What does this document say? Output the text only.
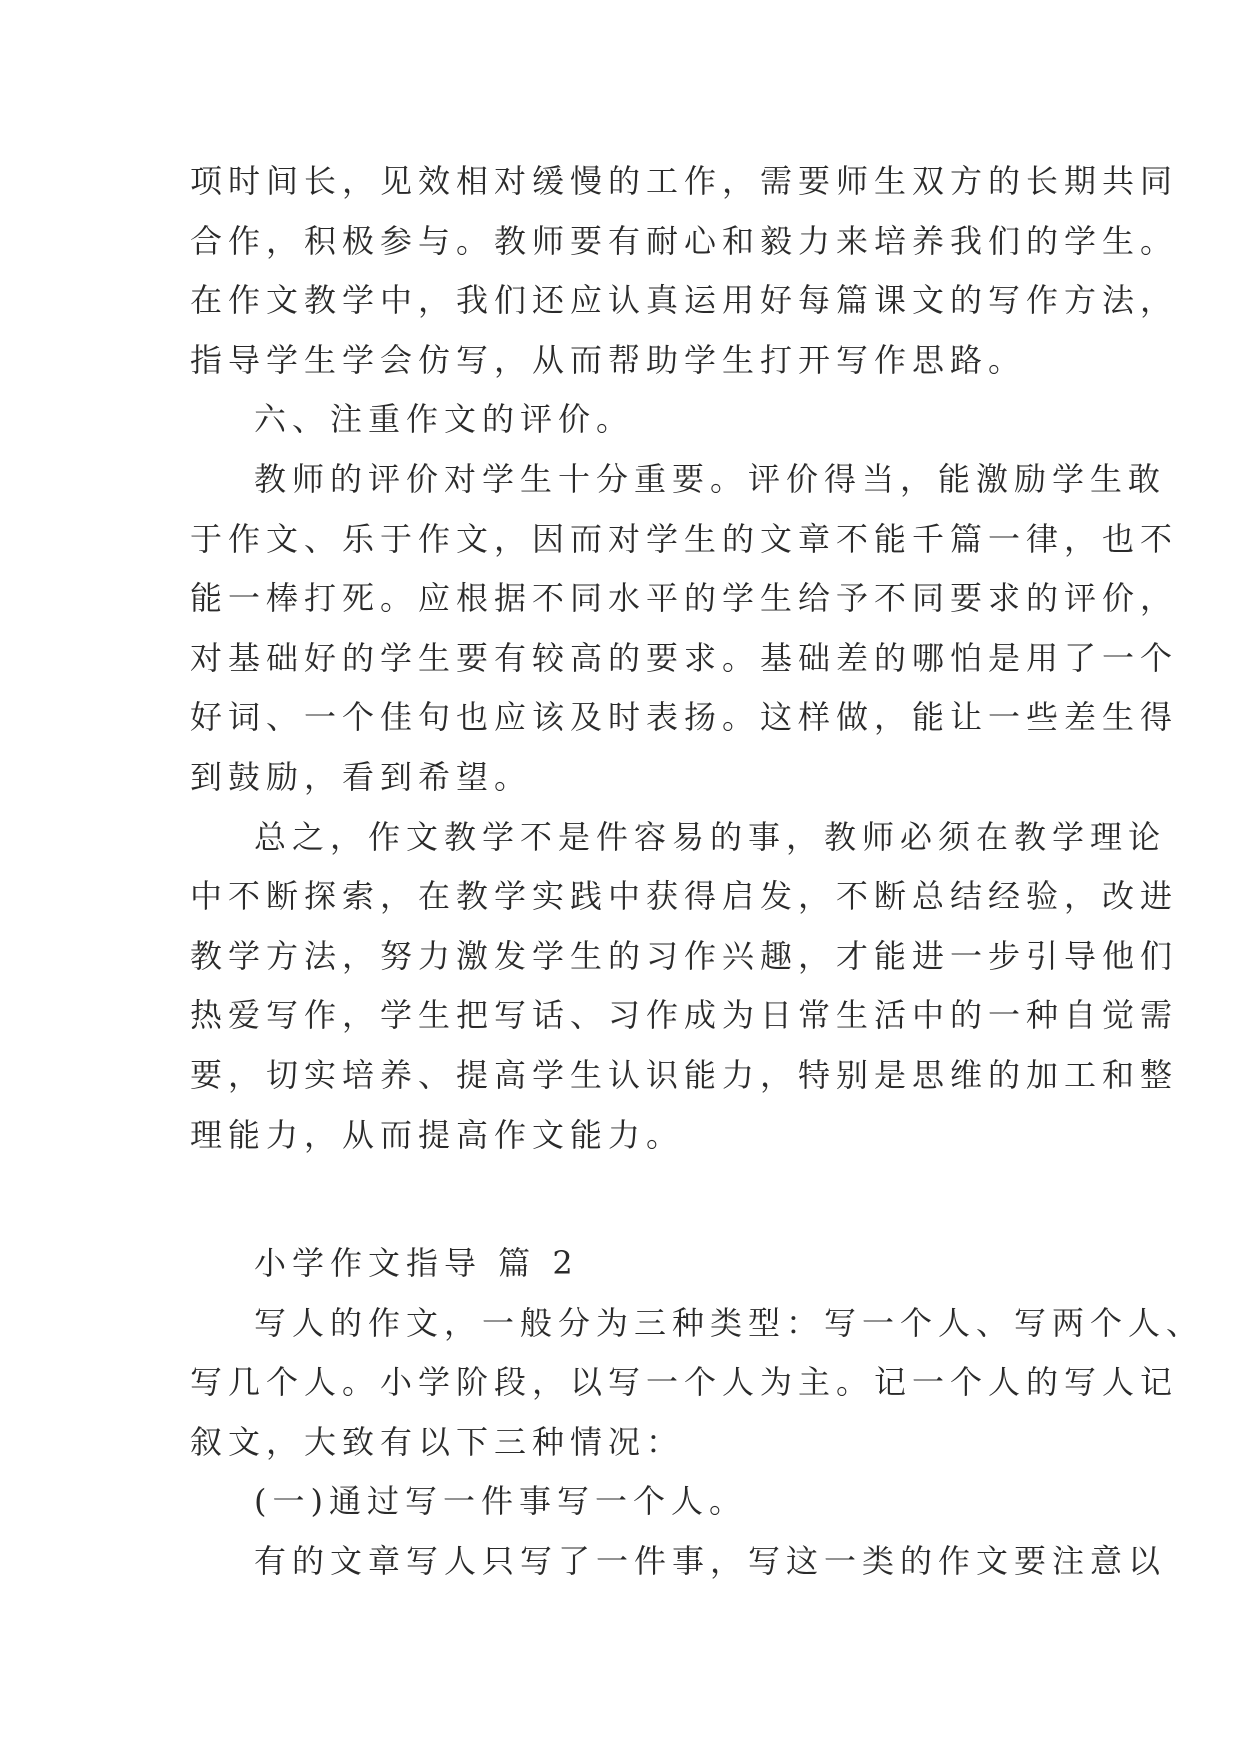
项时间长，见效相对缓慢的工作，需要师生双方的长期共同
合作，积极参与。教师要有耐心和毅力来培养我们的学生。
在作文教学中，我们还应认真运用好每篇课文的写作方法，
指导学生学会仿写，从而帮助学生打开写作思路。
六、注重作文的评价。
教师的评价对学生十分重要。评价得当，能激励学生敢
于作文、乐于作文，因而对学生的文章不能千篇一律，也不
能一棒打死。应根据不同水平的学生给予不同要求的评价，
对基础好的学生要有较高的要求。基础差的哪怕是用了一个
好词、一个佳句也应该及时表扬。这样做，能让一些差生得
到鼓励，看到希望。
总之，作文教学不是件容易的事，教师必须在教学理论
中不断探索，在教学实践中获得启发，不断总结经验，改进
教学方法，努力激发学生的习作兴趣，才能进一步引导他们
热爱写作，学生把写话、习作成为日常生活中的一种自觉需
要，切实培养、提高学生认识能力，特别是思维的加工和整
理能力，从而提高作文能力。
小学作文指导 篇 2
写人的作文，一般分为三种类型：写一个人、写两个人、
写几个人。小学阶段，以写一个人为主。记一个人的写人记
叙文，大致有以下三种情况：
(一)通过写一件事写一个人。
有的文章写人只写了一件事，写这一类的作文要注意以
